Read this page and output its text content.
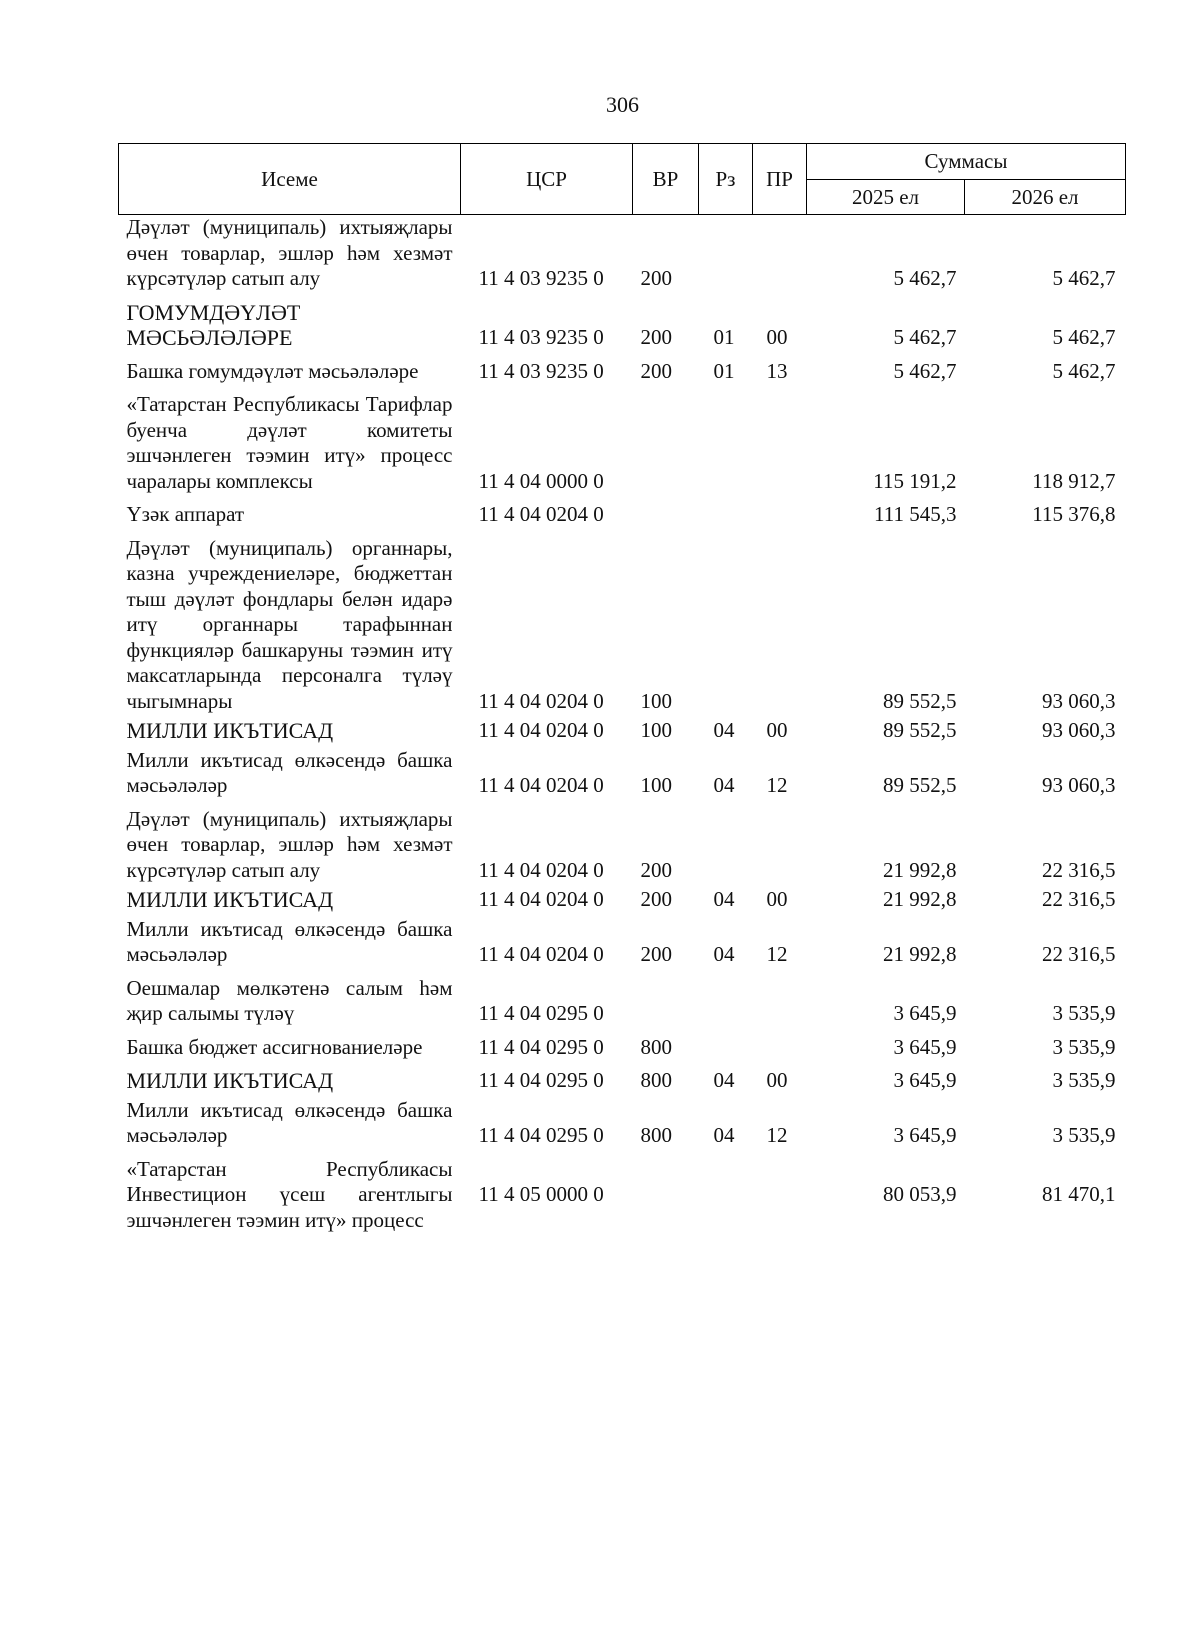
306
Исеме	ЦСР	ВР	Рз	ПР	Суммасы	
					2025 ел	2026 ел
Дәүләт (муниципаль) ихтыяҗлары өчен товарлар, эшләр һәм хезмәт күрсәтүләр сатып алу	11 4 03 9235 0	200			5 462,7	5 462,7

ГОМУМДӘҮЛӘТ МӘСЬӘЛӘЛӘРЕ	11 4 03 9235 0	200	01	00	5 462,7	5 462,7

Башка гомумдәүләт мәсьәләләре	11 4 03 9235 0	200	01	13	5 462,7	5 462,7

«Татарстан Республикасы Тарифлар буенча дәүләт комитеты эшчәнлеген тәэмин итү» процесс чаралары комплексы	11 4 04 0000 0				115 191,2	118 912,7

Үзәк аппарат	11 4 04 0204 0				111 545,3	115 376,8

Дәүләт (муниципаль) органнары, казна учреждениеләре, бюджеттан тыш дәүләт фондлары белән идарә итү органнары тарафыннан функцияләр башкаруны тәэмин итү максатларында персоналга түләү чыгымнары	11 4 04 0204 0	100			89 552,5	93 060,3
МИЛЛИ ИКЪТИСАД	11 4 04 0204 0	100	04	00	89 552,5	93 060,3
Милли икътисад өлкәсендә башка мәсьәләләр	11 4 04 0204 0	100	04	12	89 552,5	93 060,3

Дәүләт (муниципаль) ихтыяҗлары өчен товарлар, эшләр һәм хезмәт күрсәтүләр сатып алу	11 4 04 0204 0	200			21 992,8	22 316,5
МИЛЛИ ИКЪТИСАД	11 4 04 0204 0	200	04	00	21 992,8	22 316,5
Милли икътисад өлкәсендә башка мәсьәләләр	11 4 04 0204 0	200	04	12	21 992,8	22 316,5

Оешмалар мөлкәтенә салым һәм җир салымы түләү	11 4 04 0295 0				3 645,9	3 535,9

Башка бюджет ассигнованиеләре	11 4 04 0295 0	800			3 645,9	3 535,9

МИЛЛИ ИКЪТИСАД	11 4 04 0295 0	800	04	00	3 645,9	3 535,9
Милли икътисад өлкәсендә башка мәсьәләләр	11 4 04 0295 0	800	04	12	3 645,9	3 535,9

«Татарстан Республикасы Инвестицион үсеш агентлыгы эшчәнлеген тәэмин итү» процесс	11 4 05 0000 0				80 053,9	81 470,1
